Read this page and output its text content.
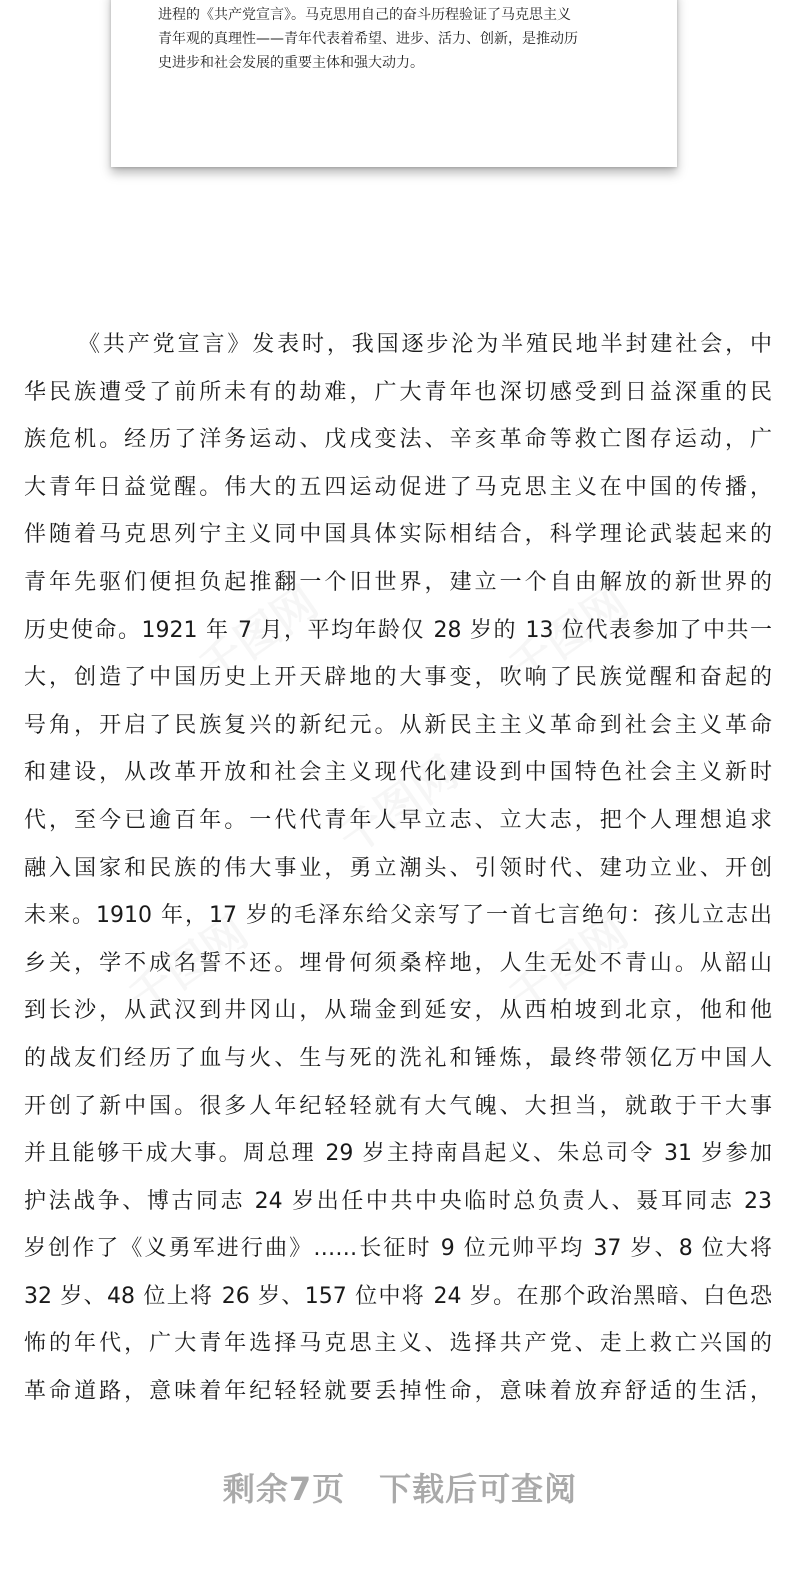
进程的《共产党宣言》。马克思用自己的奋斗历程验证了马克思主义
青年观的真理性——青年代表着希望、进步、活力、创新，是推动历
史进步和社会发展的重要主体和强大动力。
《共产党宣言》发表时，我国逐步沦为半殖民地半封建社会，中
华民族遭受了前所未有的劫难，广大青年也深切感受到日益深重的民
族危机。经历了洋务运动、戊戌变法、辛亥革命等救亡图存运动，广
大青年日益觉醒。伟大的五四运动促进了马克思主义在中国的传播，
伴随着马克思列宁主义同中国具体实际相结合，科学理论武装起来的
青年先驱们便担负起推翻一个旧世界，建立一个自由解放的新世界的
历史使命。1921 年 7 月，平均年龄仅 28 岁的 13 位代表参加了中共一
大，创造了中国历史上开天辟地的大事变，吹响了民族觉醒和奋起的
号角，开启了民族复兴的新纪元。从新民主主义革命到社会主义革命
和建设，从改革开放和社会主义现代化建设到中国特色社会主义新时
代，至今已逾百年。一代代青年人早立志、立大志，把个人理想追求
融入国家和民族的伟大事业，勇立潮头、引领时代、建功立业、开创
未来。1910 年，17 岁的毛泽东给父亲写了一首七言绝句：孩儿立志出
乡关，学不成名誓不还。埋骨何须桑梓地，人生无处不青山。从韶山
到长沙，从武汉到井冈山，从瑞金到延安，从西柏坡到北京，他和他
的战友们经历了血与火、生与死的洗礼和锤炼，最终带领亿万中国人
开创了新中国。很多人年纪轻轻就有大气魄、大担当，就敢于干大事
并且能够干成大事。周总理 29 岁主持南昌起义、朱总司令 31 岁参加
护法战争、博古同志 24 岁出任中共中央临时总负责人、聂耳同志 23
岁创作了《义勇军进行曲》……长征时 9 位元帅平均 37 岁、8 位大将
32 岁、48 位上将 26 岁、157 位中将 24 岁。在那个政治黑暗、白色恐
怖的年代，广大青年选择马克思主义、选择共产党、走上救亡兴国的
革命道路，意味着年纪轻轻就要丢掉性命，意味着放弃舒适的生活，
剩余7页 下载后可查阅
